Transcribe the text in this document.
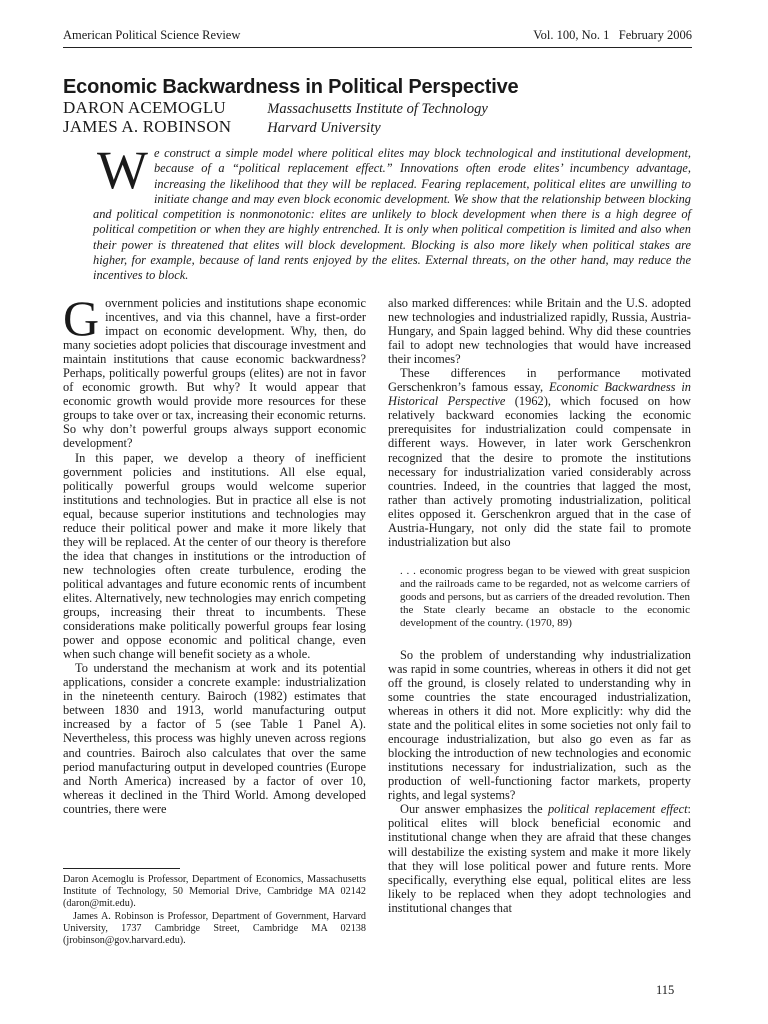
American Political Science Review	Vol. 100, No. 1   February 2006
Economic Backwardness in Political Perspective
DARON ACEMOGLU	Massachusetts Institute of Technology
JAMES A. ROBINSON Harvard University

We construct a simple model where political elites may block technological and institutional development, because of a “political replacement effect.” Innovations often erode elites’ incumbency advantage, increasing the likelihood that they will be replaced. Fearing replacement, political elites are unwilling to initiate change and may even block economic development. We show that the relationship between blocking and political competition is nonmonotonic: elites are unlikely to block development when there is a high degree of political competition or when they are highly entrenched. It is only when political competition is limited and also when their power is threatened that elites will block development. Blocking is also more likely when political stakes are higher, for example, because of land rents enjoyed by the elites. External threats, on the other hand, may reduce the incentives to block.

Government policies and institutions shape economic incentives, and via this channel, have a first-order impact on economic development. Why, then, do many societies adopt policies that discourage investment and maintain institutions that cause economic backwardness? Perhaps, politically powerful groups (elites) are not in favor of economic growth. But why? It would appear that economic growth would provide more resources for these groups to take over or tax, increasing their economic returns. So why don’t powerful groups always support economic development?

In this paper, we develop a theory of inefficient government policies and institutions. All else equal, politically powerful groups would welcome superior institutions and technologies. But in practice all else is not equal, because superior institutions and technologies may reduce their political power and make it more likely that they will be replaced. At the center of our theory is therefore the idea that changes in institutions or the introduction of new technologies often create turbulence, eroding the political advantages and future economic rents of incumbent elites. Alternatively, new technologies may enrich competing groups, increasing their threat to incumbents. These considerations make politically powerful groups fear losing power and oppose economic and political change, even when such change will benefit society as a whole.

To understand the mechanism at work and its potential applications, consider a concrete example: industrialization in the nineteenth century. Bairoch (1982) estimates that between 1830 and 1913, world manufacturing output increased by a factor of 5 (see Table 1 Panel A). Nevertheless, this process was highly uneven across regions and countries. Bairoch also calculates that over the same period manufacturing output in developed countries (Europe and North America) increased by a factor of over 10, whereas it declined in the Third World. Among developed countries, there were

also marked differences: while Britain and the U.S. adopted new technologies and industrialized rapidly, Russia, Austria-Hungary, and Spain lagged behind. Why did these countries fail to adopt new technologies that would have increased their incomes?

These differences in performance motivated Gerschenkron’s famous essay, Economic Backwardness in Historical Perspective (1962), which focused on how relatively backward economies lacking the economic prerequisites for industrialization could compensate in different ways. However, in later work Gerschenkron recognized that the desire to promote the institutions necessary for industrialization varied considerably across countries. Indeed, in the countries that lagged the most, rather than actively promoting industrialization, political elites opposed it. Gerschenkron argued that in the case of Austria-Hungary, not only did the state fail to promote industrialization but also

. . . economic progress began to be viewed with great suspicion and the railroads came to be regarded, not as welcome carriers of goods and persons, but as carriers of the dreaded revolution. Then the State clearly became an obstacle to the economic development of the country. (1970, 89)

So the problem of understanding why industrialization was rapid in some countries, whereas in others it did not get off the ground, is closely related to understanding why in some countries the state encouraged industrialization, whereas in others it did not. More explicitly: why did the state and the political elites in some societies not only fail to encourage industrialization, but also go even as far as blocking the introduction of new technologies and economic institutions necessary for industrialization, such as the production of well-functioning factor markets, property rights, and legal systems?

Our answer emphasizes the political replacement effect: political elites will block beneficial economic and institutional change when they are afraid that these changes will destabilize the existing system and make it more likely that they will lose political power and future rents. More specifically, everything else equal, political elites are less likely to be replaced when they adopt technologies and institutional changes that

Daron Acemoglu is Professor, Department of Economics, Massachusetts Institute of Technology, 50 Memorial Drive, Cambridge MA 02142 (daron@mit.edu).

James A. Robinson is Professor, Department of Government, Harvard University, 1737 Cambridge Street, Cambridge MA 02138 (jrobinson@gov.harvard.edu).

115
